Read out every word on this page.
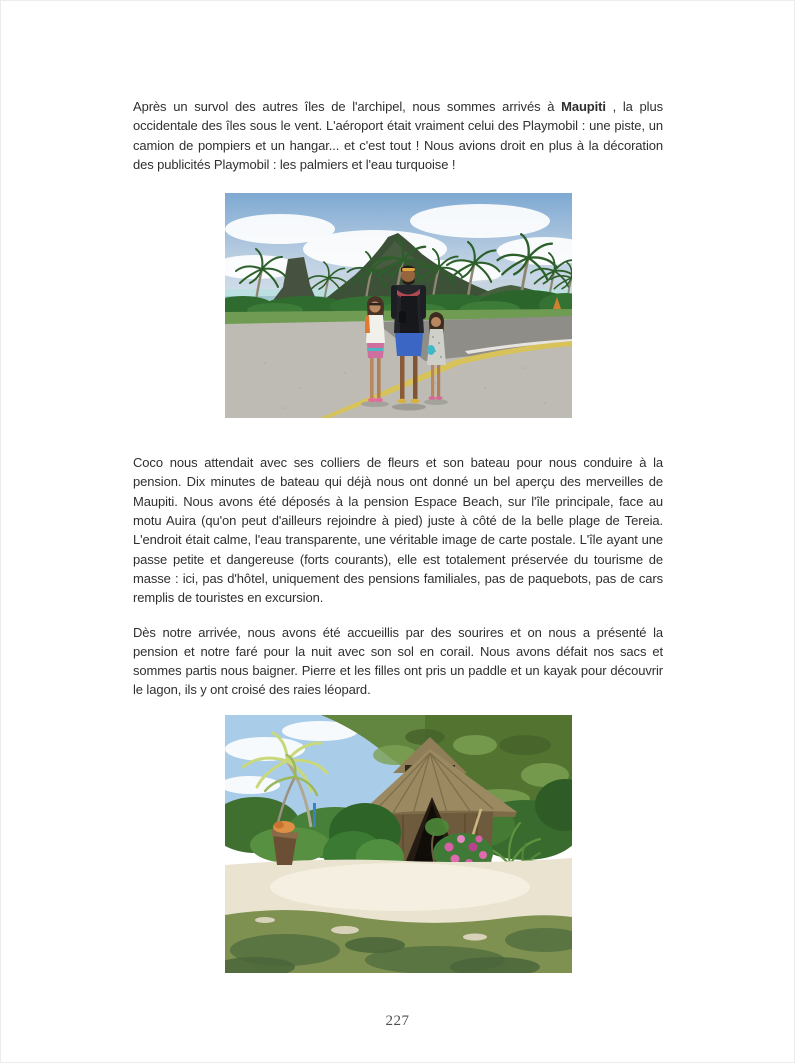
Après un survol des autres îles de l'archipel, nous sommes arrivés à Maupiti , la plus occidentale des îles sous le vent. L'aéroport était vraiment celui des Playmobil : une piste, un camion de pompiers et un hangar... et c'est tout ! Nous avions droit en plus à la décoration des publicités Playmobil : les palmiers et l'eau turquoise !

Coco nous attendait avec ses colliers de fleurs et son bateau pour nous conduire à la pension. Dix minutes de bateau qui déjà nous ont donné un bel aperçu des merveilles de Maupiti. Nous avons été déposés à la pension Espace Beach, sur l'île principale, face au motu Auira (qu'on peut d'ailleurs rejoindre à pied) juste à côté de la belle plage de Tereia. L'endroit était calme, l'eau transparente, une véritable image de carte postale. L'île ayant une passe petite et dangereuse (forts courants), elle est totalement préservée du tourisme de masse : ici, pas d'hôtel, uniquement des pensions familiales, pas de paquebots, pas de cars remplis de touristes en excursion.

Dès notre arrivée, nous avons été accueillis par des sourires et on nous a présenté la pension et notre faré pour la nuit avec son sol en corail. Nous avons défait nos sacs et sommes partis nous baigner. Pierre et les filles ont pris un paddle et un kayak pour découvrir le lagon, ils y ont croisé des raies léopard.

227
